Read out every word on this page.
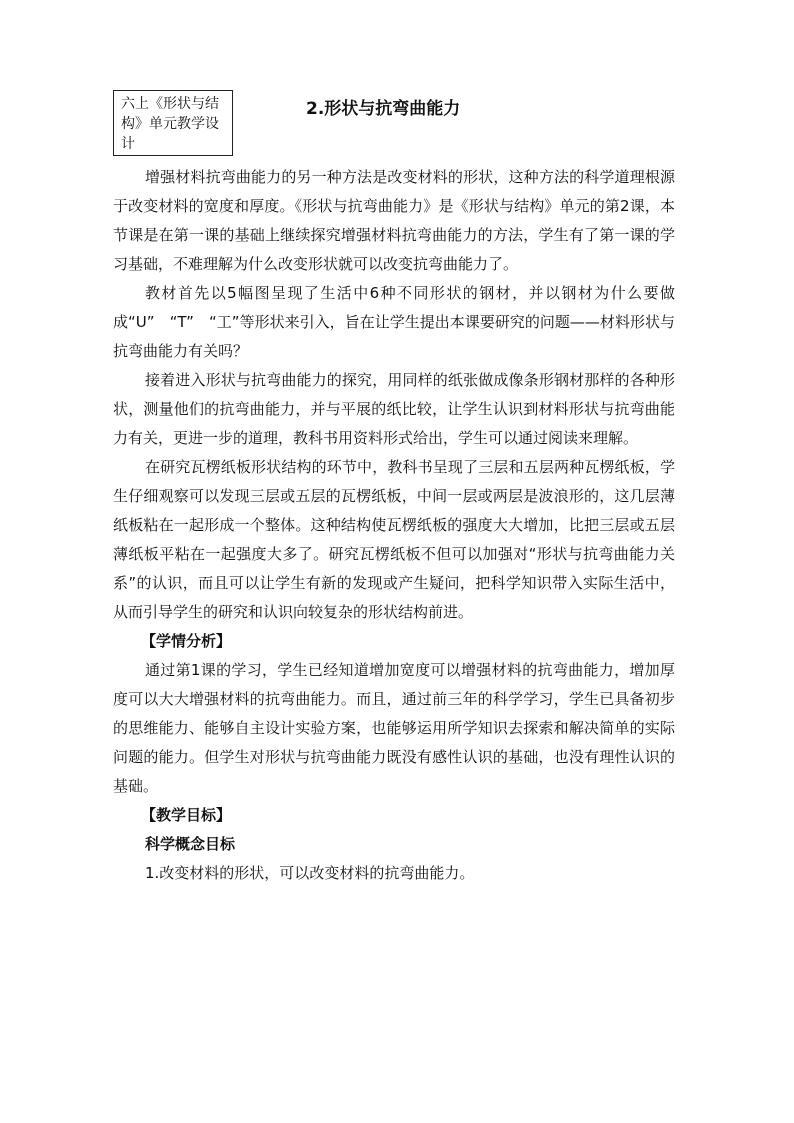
六上《形状与结构》单元教学设计
2.形状与抗弯曲能力

增强材料抗弯曲能力的另一种方法是改变材料的形状，这种方法的科学道理根源于改变材料的宽度和厚度。《形状与抗弯曲能力》是《形状与结构》单元的第2课，本节课是在第一课的基础上继续探究增强材料抗弯曲能力的方法，学生有了第一课的学习基础，不难理解为什么改变形状就可以改变抗弯曲能力了。

教材首先以5幅图呈现了生活中6种不同形状的钢材，并以钢材为什么要做成“U”　“T”　“工”等形状来引入，旨在让学生提出本课要研究的问题——材料形状与抗弯曲能力有关吗？

接着进入形状与抗弯曲能力的探究，用同样的纸张做成像条形钢材那样的各种形状，测量他们的抗弯曲能力，并与平展的纸比较，让学生认识到材料形状与抗弯曲能力有关，更进一步的道理，教科书用资料形式给出，学生可以通过阅读来理解。

在研究瓦楞纸板形状结构的环节中，教科书呈现了三层和五层两种瓦楞纸板，学生仔细观察可以发现三层或五层的瓦楞纸板，中间一层或两层是波浪形的，这几层薄纸板粘在一起形成一个整体。这种结构使瓦楞纸板的强度大大增加，比把三层或五层薄纸板平粘在一起强度大多了。研究瓦楞纸板不但可以加强对“形状与抗弯曲能力关系”的认识，而且可以让学生有新的发现或产生疑问，把科学知识带入实际生活中，从而引导学生的研究和认识向较复杂的形状结构前进。

【学情分析】

通过第1课的学习，学生已经知道增加宽度可以增强材料的抗弯曲能力，增加厚度可以大大增强材料的抗弯曲能力。而且，通过前三年的科学学习，学生已具备初步的思维能力、能够自主设计实验方案，也能够运用所学知识去探索和解决简单的实际问题的能力。但学生对形状与抗弯曲能力既没有感性认识的基础，也没有理性认识的基础。

【教学目标】

科学概念目标

1.改变材料的形状，可以改变材料的抗弯曲能力。
